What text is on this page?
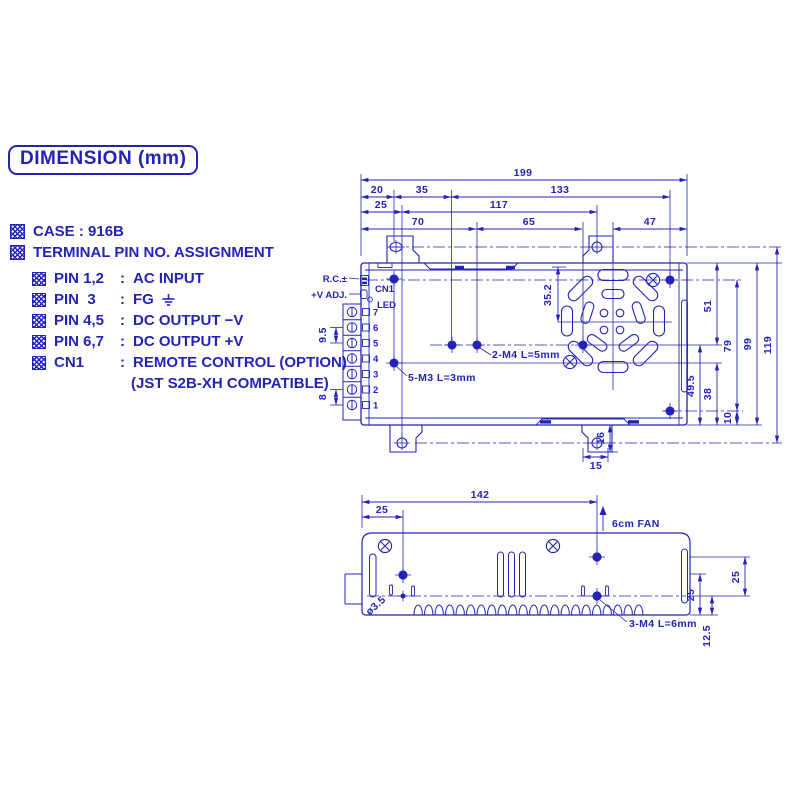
DIMENSION (mm)
CASE : 916B
TERMINAL PIN NO. ASSIGNMENT
PIN 1,2	: AC INPUT
PIN  3	: FG
PIN 4,5	: DC OUTPUT −V
PIN 6,7	: DC OUTPUT +V
CN1	: REMOTE CONTROL (OPTION)
(JST S2B-XH COMPATIBLE)
199
20	35	133
25	117
70	65	47
35.2	51
38
49.5
79
10
99 119
16
15
9.5
8
2-M4 L=5mm
5-M3 L=3mm
R.C.±
+V ADJ.
CN1
LED
7
6
5
4
3
2
1
142
25
6cm FAN
25
25
12.5
ø3.5
3-M4 L=6mm
